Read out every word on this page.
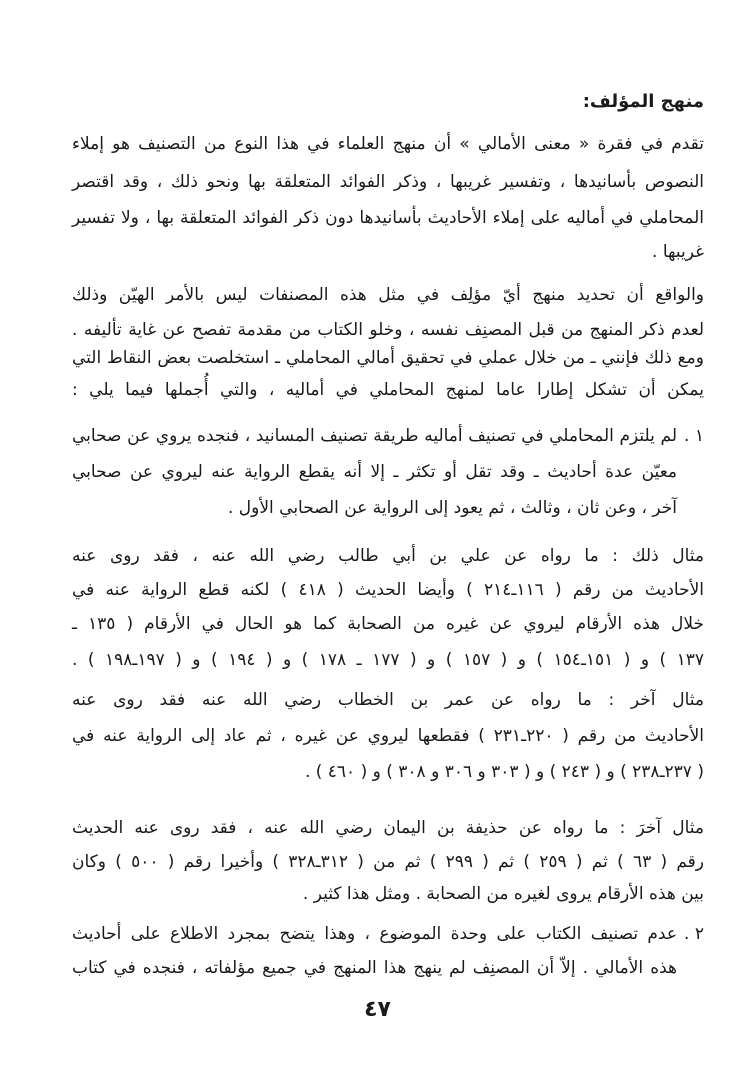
منهج المؤلف:
تقدم في فقرة « معنى الأمالي » أن منهج العلماء في هذا النوع من التصنيف هو إملاء
النصوص بأسانيدها ، وتفسير غريبها ، وذكر الفوائد المتعلقة بها ونحو ذلك ، وقد اقتصر
المحاملي في أماليه على إملاء الأحاديث بأسانيدها دون ذكر الفوائد المتعلقة بها ، ولا تفسير
غريبها .
والواقع أن تحديد منهج أيّ مؤلِف في مثل هذه المصنفات ليس بالأمر الهيّن وذلك
لعدم ذكر المنهج من قبل المصنِف نفسه ، وخلو الكتاب من مقدمة تفصح عن غاية تأليفه .
ومع ذلك فإنني ـ من خلال عملي في تحقيق أمالي المحاملي ـ استخلصت بعض النقاط التي
يمكن أن تشكل إطارا عاما لمنهج المحاملي في أماليه ، والتي أُجملها فيما يلي :
١ .
لم يلتزم المحاملي في تصنيف أماليه طريقة تصنيف المسانيد ، فنجده يروي عن صحابي
معيّن عدة أحاديث ـ وقد تقل أو تكثر ـ إلا أنه يقطع الرواية عنه ليروي عن صحابي
آخر ، وعن ثان ، وثالث ، ثم يعود إلى الرواية عن الصحابي الأول .
مثال ذلك : ما رواه عن علي بن أبي طالب رضي الله عنه ، فقد روى عنه
الأحاديث من رقم ( ١١٦ـ٢١٤ ) وأيضا الحديث ( ٤١٨ ) لكنه قطع الرواية عنه في
خلال هذه الأرقام ليروي عن غيره من الصحابة كما هو الحال في الأرقام ( ١٣٥ ـ
١٣٧ ) و ( ١٥١ـ١٥٤ ) و ( ١٥٧ ) و ( ١٧٧ ـ ١٧٨ ) و ( ١٩٤ ) و ( ١٩٧ـ١٩٨ ) .
مثال آخر : ما رواه عن عمر بن الخطاب رضي الله عنه فقد روى عنه
الأحاديث من رقم ( ٢٢٠ـ٢٣١ ) فقطعها ليروي عن غيره ، ثم عاد إلى الرواية عنه في
( ٢٣٧ـ٢٣٨ ) و ( ٢٤٣ ) و ( ٣٠٣ و ٣٠٦ و ٣٠٨ ) و ( ٤٦٠ ) .
مثال آخرَ : ما رواه عن حذيفة بن اليمان رضي الله عنه ، فقد روى عنه الحديث
رقم ( ٦٣ ) ثم ( ٢٥٩ ) ثم ( ٢٩٩ ) ثم من ( ٣١٢ـ٣٢٨ ) وأخيرا رقم ( ٥٠٠ ) وكان
بين هذه الأرقام يروى لغيره من الصحابة . ومثل هذا كثير .
٢ .
عدم تصنيف الكتاب على وحدة الموضوع ، وهذا يتضح بمجرد الاطلاع على أحاديث
هذه الأمالي . إلاّ أن المصنِف لم ينهج هذا المنهج في جميع مؤلفاته ، فنجده في كتاب
٤٧
